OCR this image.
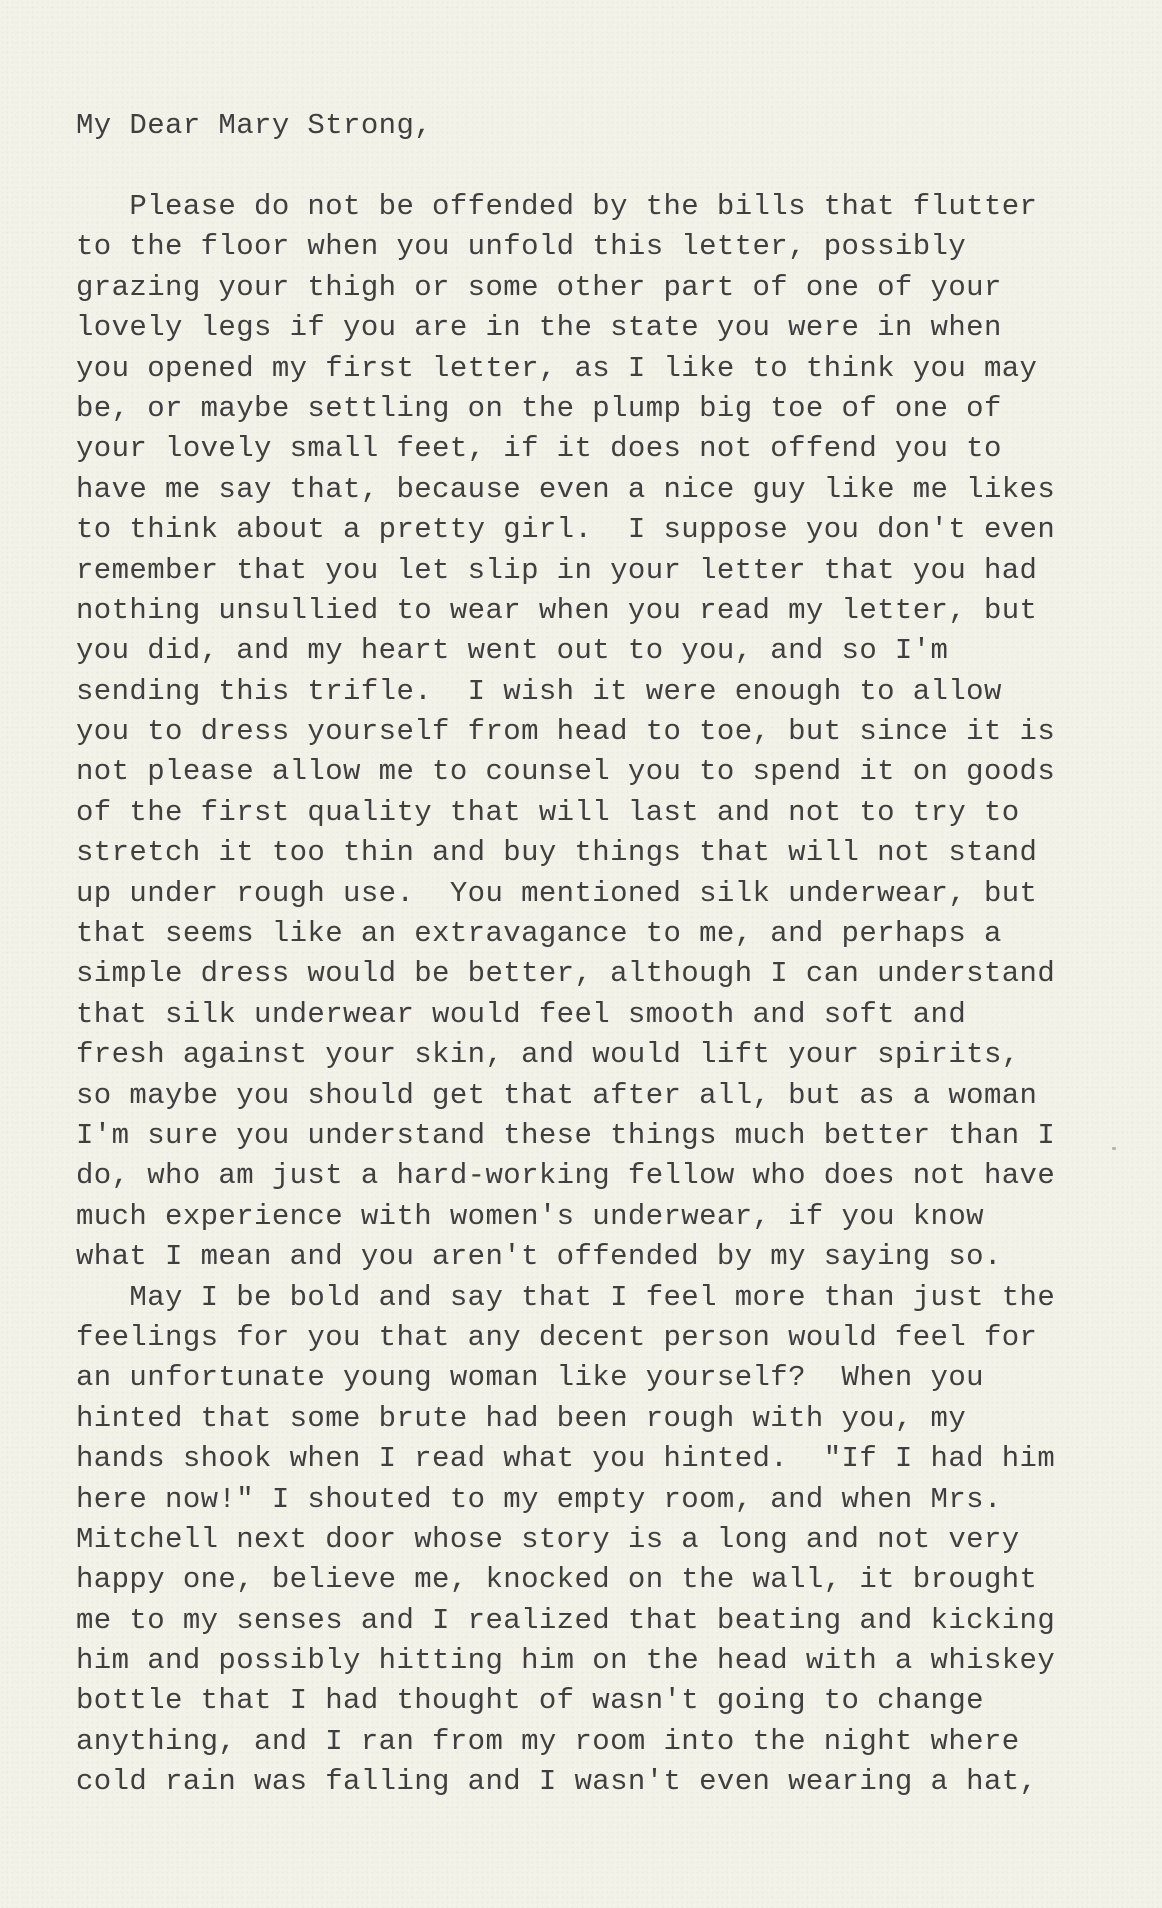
My Dear Mary Strong,
Please do not be offended by the bills that flutter
to the floor when you unfold this letter, possibly
grazing your thigh or some other part of one of your
lovely legs if you are in the state you were in when
you opened my first letter, as I like to think you may
be, or maybe settling on the plump big toe of one of
your lovely small feet, if it does not offend you to
have me say that, because even a nice guy like me likes
to think about a pretty girl.  I suppose you don't even
remember that you let slip in your letter that you had
nothing unsullied to wear when you read my letter, but
you did, and my heart went out to you, and so I'm
sending this trifle.  I wish it were enough to allow
you to dress yourself from head to toe, but since it is
not please allow me to counsel you to spend it on goods
of the first quality that will last and not to try to
stretch it too thin and buy things that will not stand
up under rough use.  You mentioned silk underwear, but
that seems like an extravagance to me, and perhaps a
simple dress would be better, although I can understand
that silk underwear would feel smooth and soft and
fresh against your skin, and would lift your spirits,
so maybe you should get that after all, but as a woman
I'm sure you understand these things much better than I
do, who am just a hard-working fellow who does not have
much experience with women's underwear, if you know
what I mean and you aren't offended by my saying so.
May I be bold and say that I feel more than just the
feelings for you that any decent person would feel for
an unfortunate young woman like yourself?  When you
hinted that some brute had been rough with you, my
hands shook when I read what you hinted.  "If I had him
here now!" I shouted to my empty room, and when Mrs.
Mitchell next door whose story is a long and not very
happy one, believe me, knocked on the wall, it brought
me to my senses and I realized that beating and kicking
him and possibly hitting him on the head with a whiskey
bottle that I had thought of wasn't going to change
anything, and I ran from my room into the night where
cold rain was falling and I wasn't even wearing a hat,
